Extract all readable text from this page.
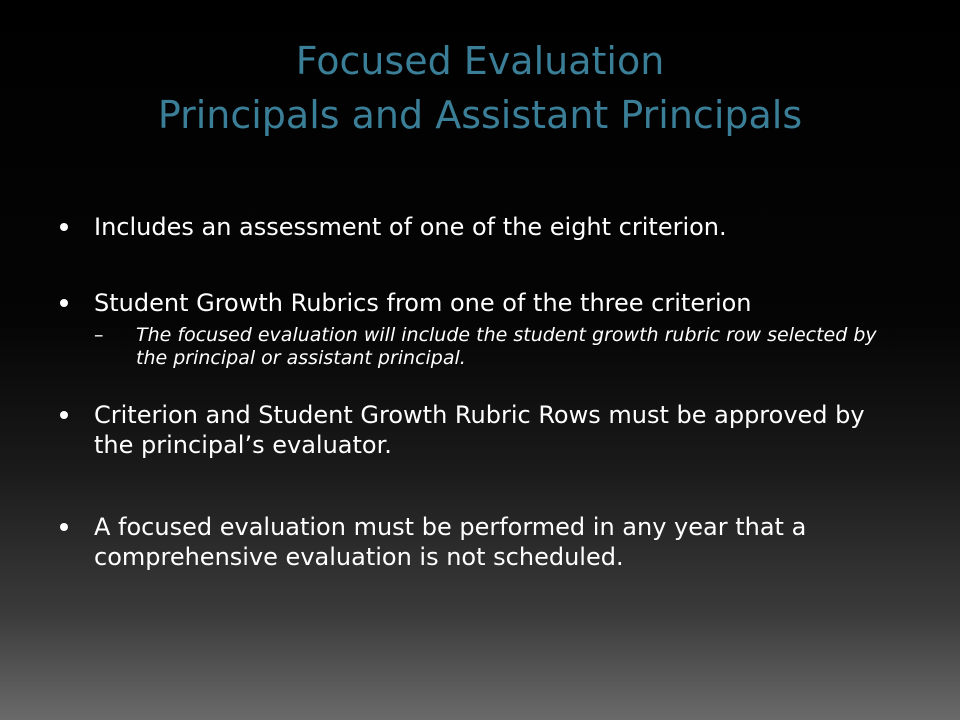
Focused Evaluation
Principals and Assistant Principals
Includes an assessment of one of the eight criterion.
Student Growth Rubrics from one of the three criterion
– The focused evaluation will include the student growth rubric row selected by the principal or assistant principal.
Criterion and Student Growth Rubric Rows must be approved by the principal’s evaluator.
A focused evaluation must be performed in any year that a comprehensive evaluation is not scheduled.
